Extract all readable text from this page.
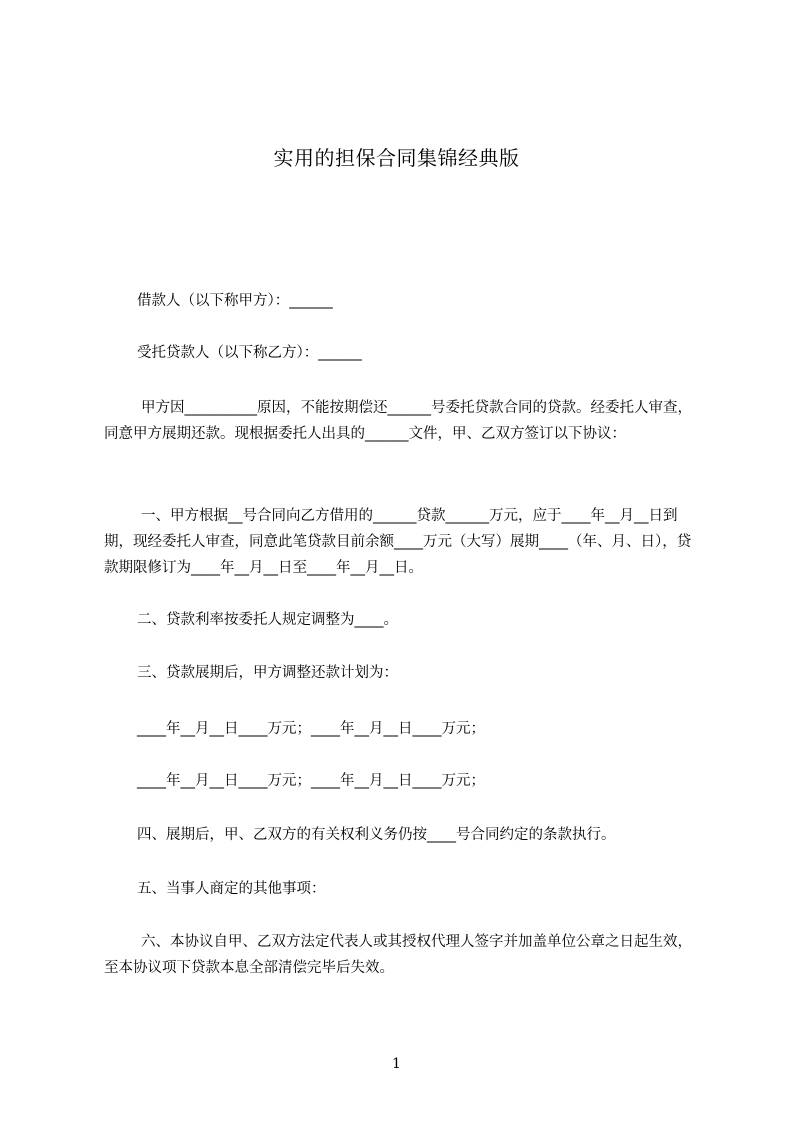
实用的担保合同集锦经典版
借款人（以下称甲方）：______
受托贷款人（以下称乙方）：______
甲方因__________原因，不能按期偿还______号委托贷款合同的贷款。经委托人审查，同意甲方展期还款。现根据委托人出具的______文件，甲、乙双方签订以下协议：
一、甲方根据__号合同向乙方借用的______贷款______万元，应于____年__月__日到期，现经委托人审查，同意此笔贷款目前余额____万元（大写）展期____（年、月、日），贷款期限修订为____年__月__日至____年__月__日。
二、贷款利率按委托人规定调整为____。
三、贷款展期后，甲方调整还款计划为：
____年__月__日____万元；____年__月__日____万元；
____年__月__日____万元；____年__月__日____万元；
四、展期后，甲、乙双方的有关权利义务仍按____号合同约定的条款执行。
五、当事人商定的其他事项：
六、本协议自甲、乙双方法定代表人或其授权代理人签字并加盖单位公章之日起生效，至本协议项下贷款本息全部清偿完毕后失效。
1
